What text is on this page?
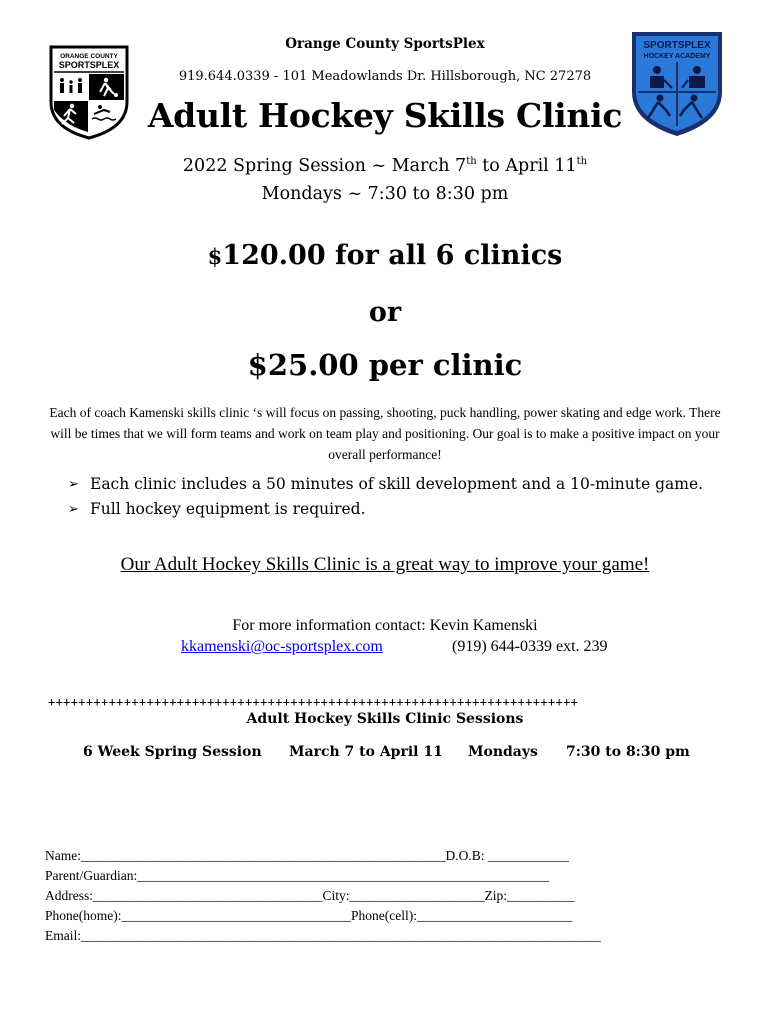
ORANGE COUNTY
SPORTSPLEX
SPORTSPLEX
HOCKEY ACADEMY
Orange County SportsPlex
919.644.0339 - 101 Meadowlands Dr. Hillsborough, NC 27278
Adult Hockey Skills Clinic
2022 Spring Session ~ March 7th to April 11th
Mondays ~ 7:30 to 8:30 pm
$120.00 for all 6 clinics
or
$25.00 per clinic
Each of coach Kamenski skills clinic ‘s will focus on passing, shooting, puck handling, power skating and edge work. There will be times that we will form teams and work on team play and positioning. Our goal is to make a positive impact on your overall performance!
➢ Each clinic includes a 50 minutes of skill development and a 10-minute game.
➢ Full hockey equipment is required.
Our Adult Hockey Skills Clinic is a great way to improve your game!
For more information contact: Kevin Kamenski
kkamenski@oc-sportsplex.com	(919) 644-0339 ext. 239
++++++++++++++++++++++++++++++++++++++++++++++++++++++++++++++++++++++
Adult Hockey Skills Clinic Sessions
6 Week Spring Session March 7 to April 11 Mondays 7:30 to 8:30 pm
Name:______________________________________________________D.O.B: ____________
Parent/Guardian:_____________________________________________________________
Address:__________________________________City:____________________Zip:__________
Phone(home):__________________________________Phone(cell):_______________________
Email:_____________________________________________________________________________
